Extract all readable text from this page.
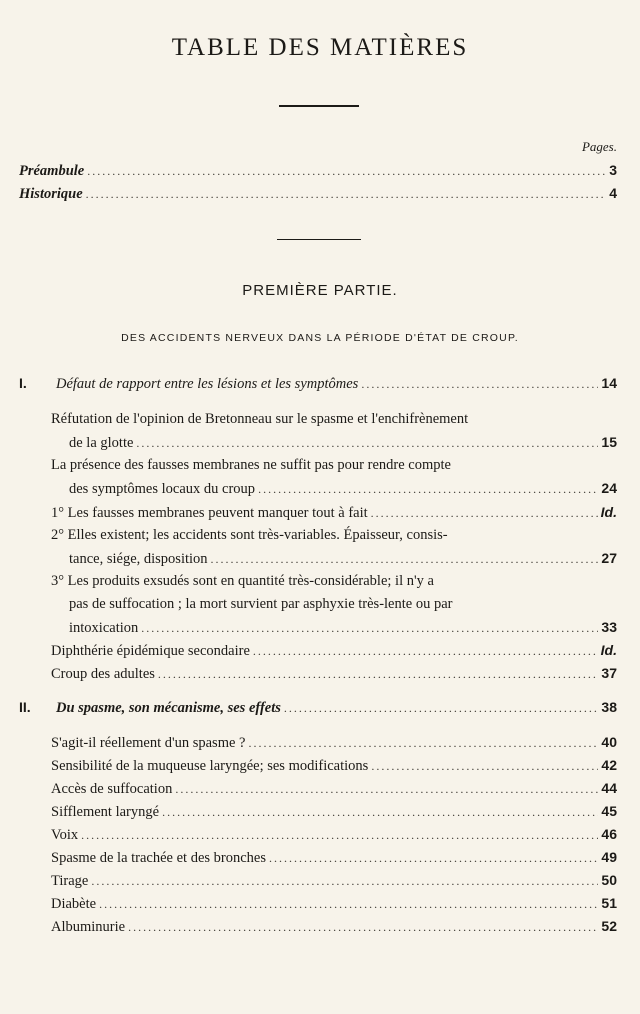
TABLE DES MATIÈRES
Pages.
Préambule .....	3
Historique .....	4
PREMIÈRE PARTIE.
DES ACCIDENTS NERVEUX DANS LA PÉRIODE D'ÉTAT DE CROUP.
I. Défaut de rapport entre les lésions et les symptômes .....	14
Réfutation de l'opinion de Bretonneau sur le spasme et l'enchifrènement
de la glotte .....	15
La présence des fausses membranes ne suffit pas pour rendre compte
des symptômes locaux du croup .....	24
1° Les fausses membranes peuvent manquer tout à fait .....	Id.
2° Elles existent; les accidents sont très-variables. Épaisseur, consis-
tance, siége, disposition .....	27
3° Les produits exsudés sont en quantité très-considérable; il n'y a
pas de suffocation ; la mort survient par asphyxie très-lente ou par
intoxication .....	33
Diphthérie épidémique secondaire .....	Id.
Croup des adultes .....	37
II. Du spasme, son mécanisme, ses effets .....	38
S'agit-il réellement d'un spasme ? .....	40
Sensibilité de la muqueuse laryngée; ses modifications .....	42
Accès de suffocation .....	44
Sifflement laryngé .....	45
Voix .....	46
Spasme de la trachée et des bronches .....	49
Tirage .....	50
Diabète .....	51
Albuminurie .....	52
